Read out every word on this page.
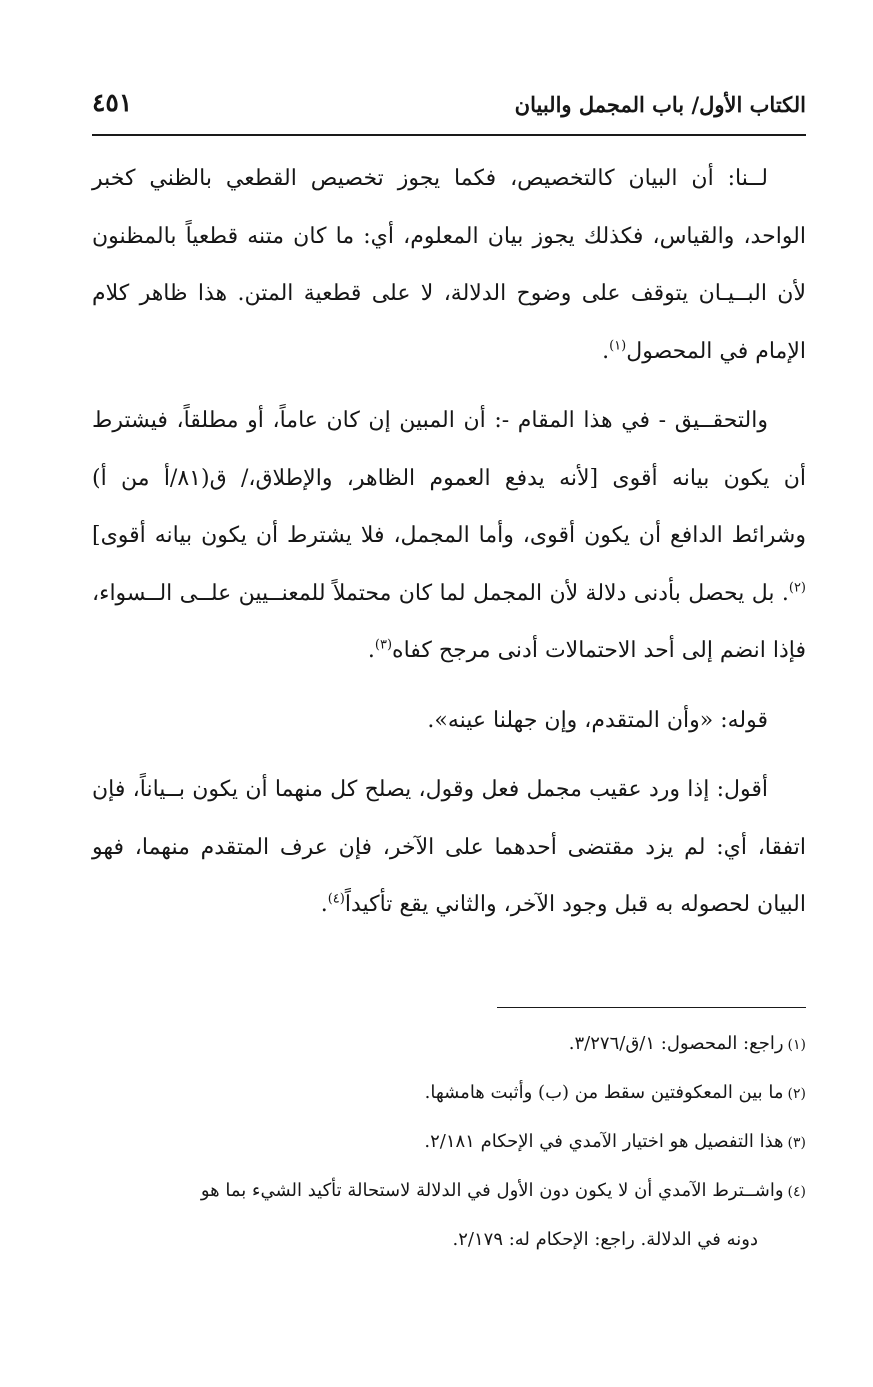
الكتاب الأول/ باب المجمل والبيان
٤٥١

لــنا: أن البيان كالتخصيص، فكما يجوز تخصيص القطعي بالظني كخبر الواحد، والقياس، فكذلك يجوز بيان المعلوم، أي: ما كان متنه قطعياً بالمظنون لأن البــيـان يتوقف على وضوح الدلالة، لا على قطعية المتن. هذا ظاهر كلام الإمام في المحصول$^{(١)}$.

والتحقــيق - في هذا المقام -: أن المبين إن كان عاماً، أو مطلقاً، فيشترط أن يكون بيانه أقوى [لأنه يدفع العموم الظاهر، والإطلاق،/ ق(٨١/أ من أ) وشرائط الدافع أن يكون أقوى، وأما المجمل، فلا يشترط أن يكون بيانه أقوى]$^{(٢)}$. بل يحصل بأدنى دلالة لأن المجمل لما كان محتملاً للمعنــيين علــى الــسواء، فإذا انضم إلى أحد الاحتمالات أدنى مرجح كفاه$^{(٣)}$.

قوله: «وأن المتقدم، وإن جهلنا عينه».

أقول: إذا ورد عقيب مجمل فعل وقول، يصلح كل منهما أن يكون بــياناً، فإن اتفقا، أي: لم يزد مقتضى أحدهما على الآخر، فإن عرف المتقدم منهما، فهو البيان لحصوله به قبل وجود الآخر، والثاني يقع تأكيداً$^{(٤)}$.

(١)راجع: المحصول: ١/ق/٣/٢٧٦.

(٢)ما بين المعكوفتين سقط من (ب) وأثبت هامشها.

(٣)هذا التفصيل هو اختيار الآمدي في الإحكام ٢/١٨١.

(٤)واشــترط الآمدي أن لا يكون دون الأول في الدلالة لاستحالة تأكيد الشيء بما هو

دونه في الدلالة. راجع: الإحكام له: ٢/١٧٩.
